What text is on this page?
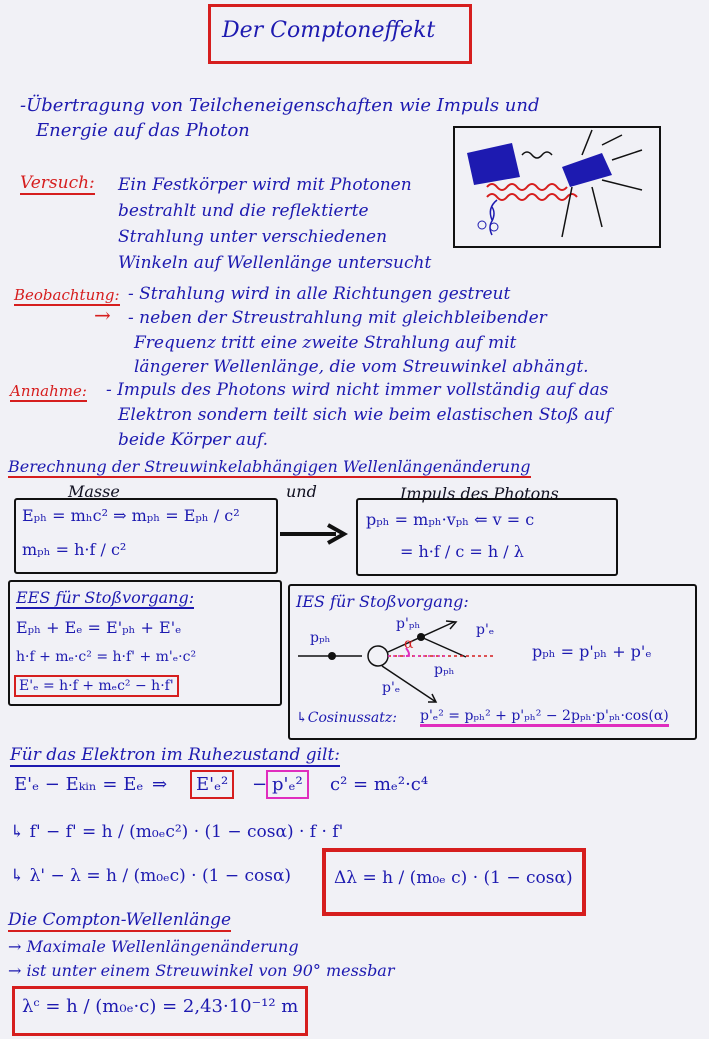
Der Comptoneffekt
-Übertragung von Teilcheneigenschaften wie Impuls und
Energie auf das Photon
Versuch: Ein Festkörper wird mit Photonen
bestrahlt und die reflektierte
Strahlung unter verschiedenen
Winkeln auf Wellenlänge untersucht
Beobachtung: - Strahlung wird in alle Richtungen gestreut
→ - neben der Streustrahlung mit gleichbleibender
Frequenz tritt eine zweite Strahlung auf mit
längerer Wellenlänge, die vom Streuwinkel abhängt.
Annahme: - Impuls des Photons wird nicht immer vollständig auf das
Elektron sondern teilt sich wie beim elastischen Stoß auf
beide Körper auf.
Berechnung der Streuwinkelabhängigen Wellenlängenänderung
Masse	und	Impuls des Photons
Eₚₕ = mₕc² ⇒ mₚₕ = Eₚₕ / c²
mₚₕ = h·f / c²
pₚₕ = mₚₕ·vₚₕ ⇐ v = c
= h·f / c = h / λ
EES für Stoßvorgang:
Eₚₕ + Eₑ = E'ₚₕ + E'ₑ
h·f + mₑ·c² = h·f' + m'ₑ·c²
E'ₑ = h·f + mₑc² − h·f'
IES für Stoßvorgang:
pₚₕ
p'ₚₕ
α
p'ₑ
pₚₕ
p'ₑ
pₚₕ = p'ₚₕ + p'ₑ
↳Cosinussatz: p'ₑ² = pₚₕ² + p'ₚₕ² − 2pₚₕ·p'ₚₕ·cos(α)
Für das Elektron im Ruhezustand gilt:
E'ₑ − Eₖᵢₙ = Eₑ ⇒	E'ₑ²	− p'ₑ²	c² = mₑ²·c⁴
↳ f' − f' = h / (m₀ₑc²) · (1 − cosα) · f · f'
↳ λ' − λ = h / (m₀ₑc) · (1 − cosα)	Δλ = h / (m₀ₑ c) · (1 − cosα)
Die Compton-Wellenlänge
→ Maximale Wellenlängenänderung
→ ist unter einem Streuwinkel von 90° messbar
λᶜ = h / (m₀ₑ·c) = 2,43·10⁻¹² m
